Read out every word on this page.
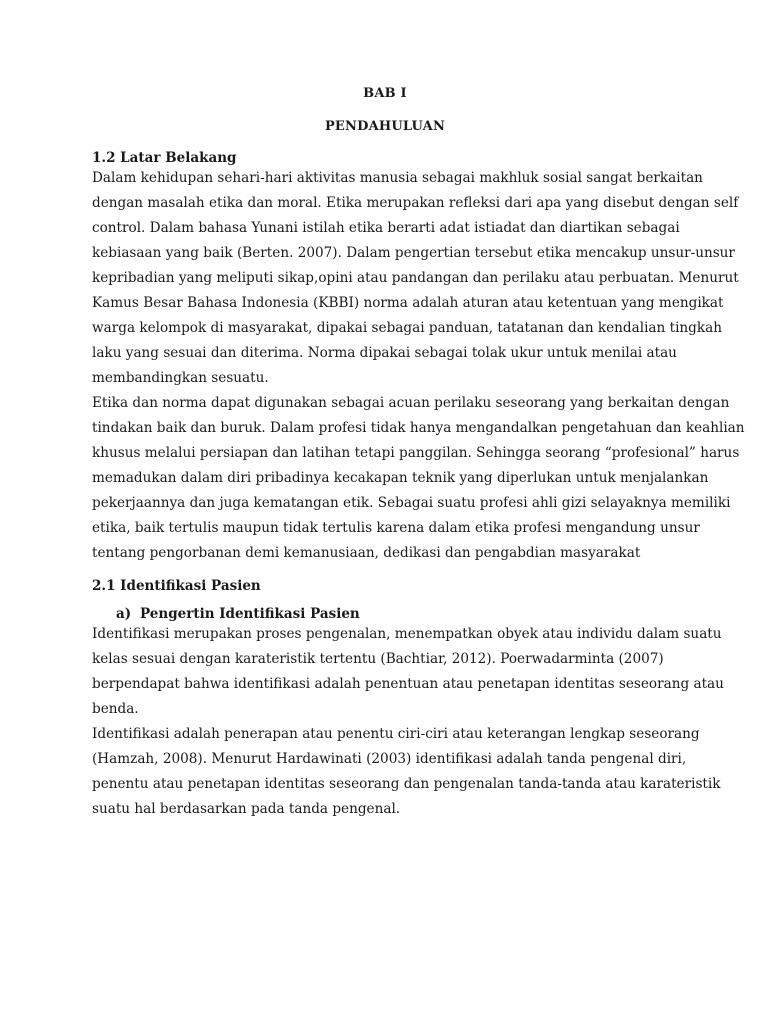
BAB I

PENDAHULUAN

1.2 Latar Belakang

Dalam kehidupan sehari-hari aktivitas manusia sebagai makhluk sosial sangat berkaitan
dengan masalah etika dan moral. Etika merupakan refleksi dari apa yang disebut dengan self
control. Dalam bahasa Yunani istilah etika berarti adat istiadat dan diartikan sebagai
kebiasaan yang baik (Berten. 2007). Dalam pengertian tersebut etika mencakup unsur-unsur
kepribadian yang meliputi sikap,opini atau pandangan dan perilaku atau perbuatan. Menurut
Kamus Besar Bahasa Indonesia (KBBI) norma adalah aturan atau ketentuan yang mengikat
warga kelompok di masyarakat, dipakai sebagai panduan, tatatanan dan kendalian tingkah
laku yang sesuai dan diterima. Norma dipakai sebagai tolak ukur untuk menilai atau
membandingkan sesuatu.

Etika dan norma dapat digunakan sebagai acuan perilaku seseorang yang berkaitan dengan
tindakan baik dan buruk. Dalam profesi tidak hanya mengandalkan pengetahuan dan keahlian
khusus melalui persiapan dan latihan tetapi panggilan. Sehingga seorang “profesional” harus
memadukan dalam diri pribadinya kecakapan teknik yang diperlukan untuk menjalankan
pekerjaannya dan juga kematangan etik. Sebagai suatu profesi ahli gizi selayaknya memiliki
etika, baik tertulis maupun tidak tertulis karena dalam etika profesi mengandung unsur
tentang pengorbanan demi kemanusiaan, dedikasi dan pengabdian masyarakat

2.1 Identifikasi Pasien

a) Pengertin Identifikasi Pasien

Identifikasi merupakan proses pengenalan, menempatkan obyek atau individu dalam suatu
kelas sesuai dengan karateristik tertentu (Bachtiar, 2012). Poerwadarminta (2007)
berpendapat bahwa identifikasi adalah penentuan atau penetapan identitas seseorang atau
benda.

Identifikasi adalah penerapan atau penentu ciri-ciri atau keterangan lengkap seseorang
(Hamzah, 2008). Menurut Hardawinati (2003) identifikasi adalah tanda pengenal diri,
penentu atau penetapan identitas seseorang dan pengenalan tanda-tanda atau karateristik
suatu hal berdasarkan pada tanda pengenal.
